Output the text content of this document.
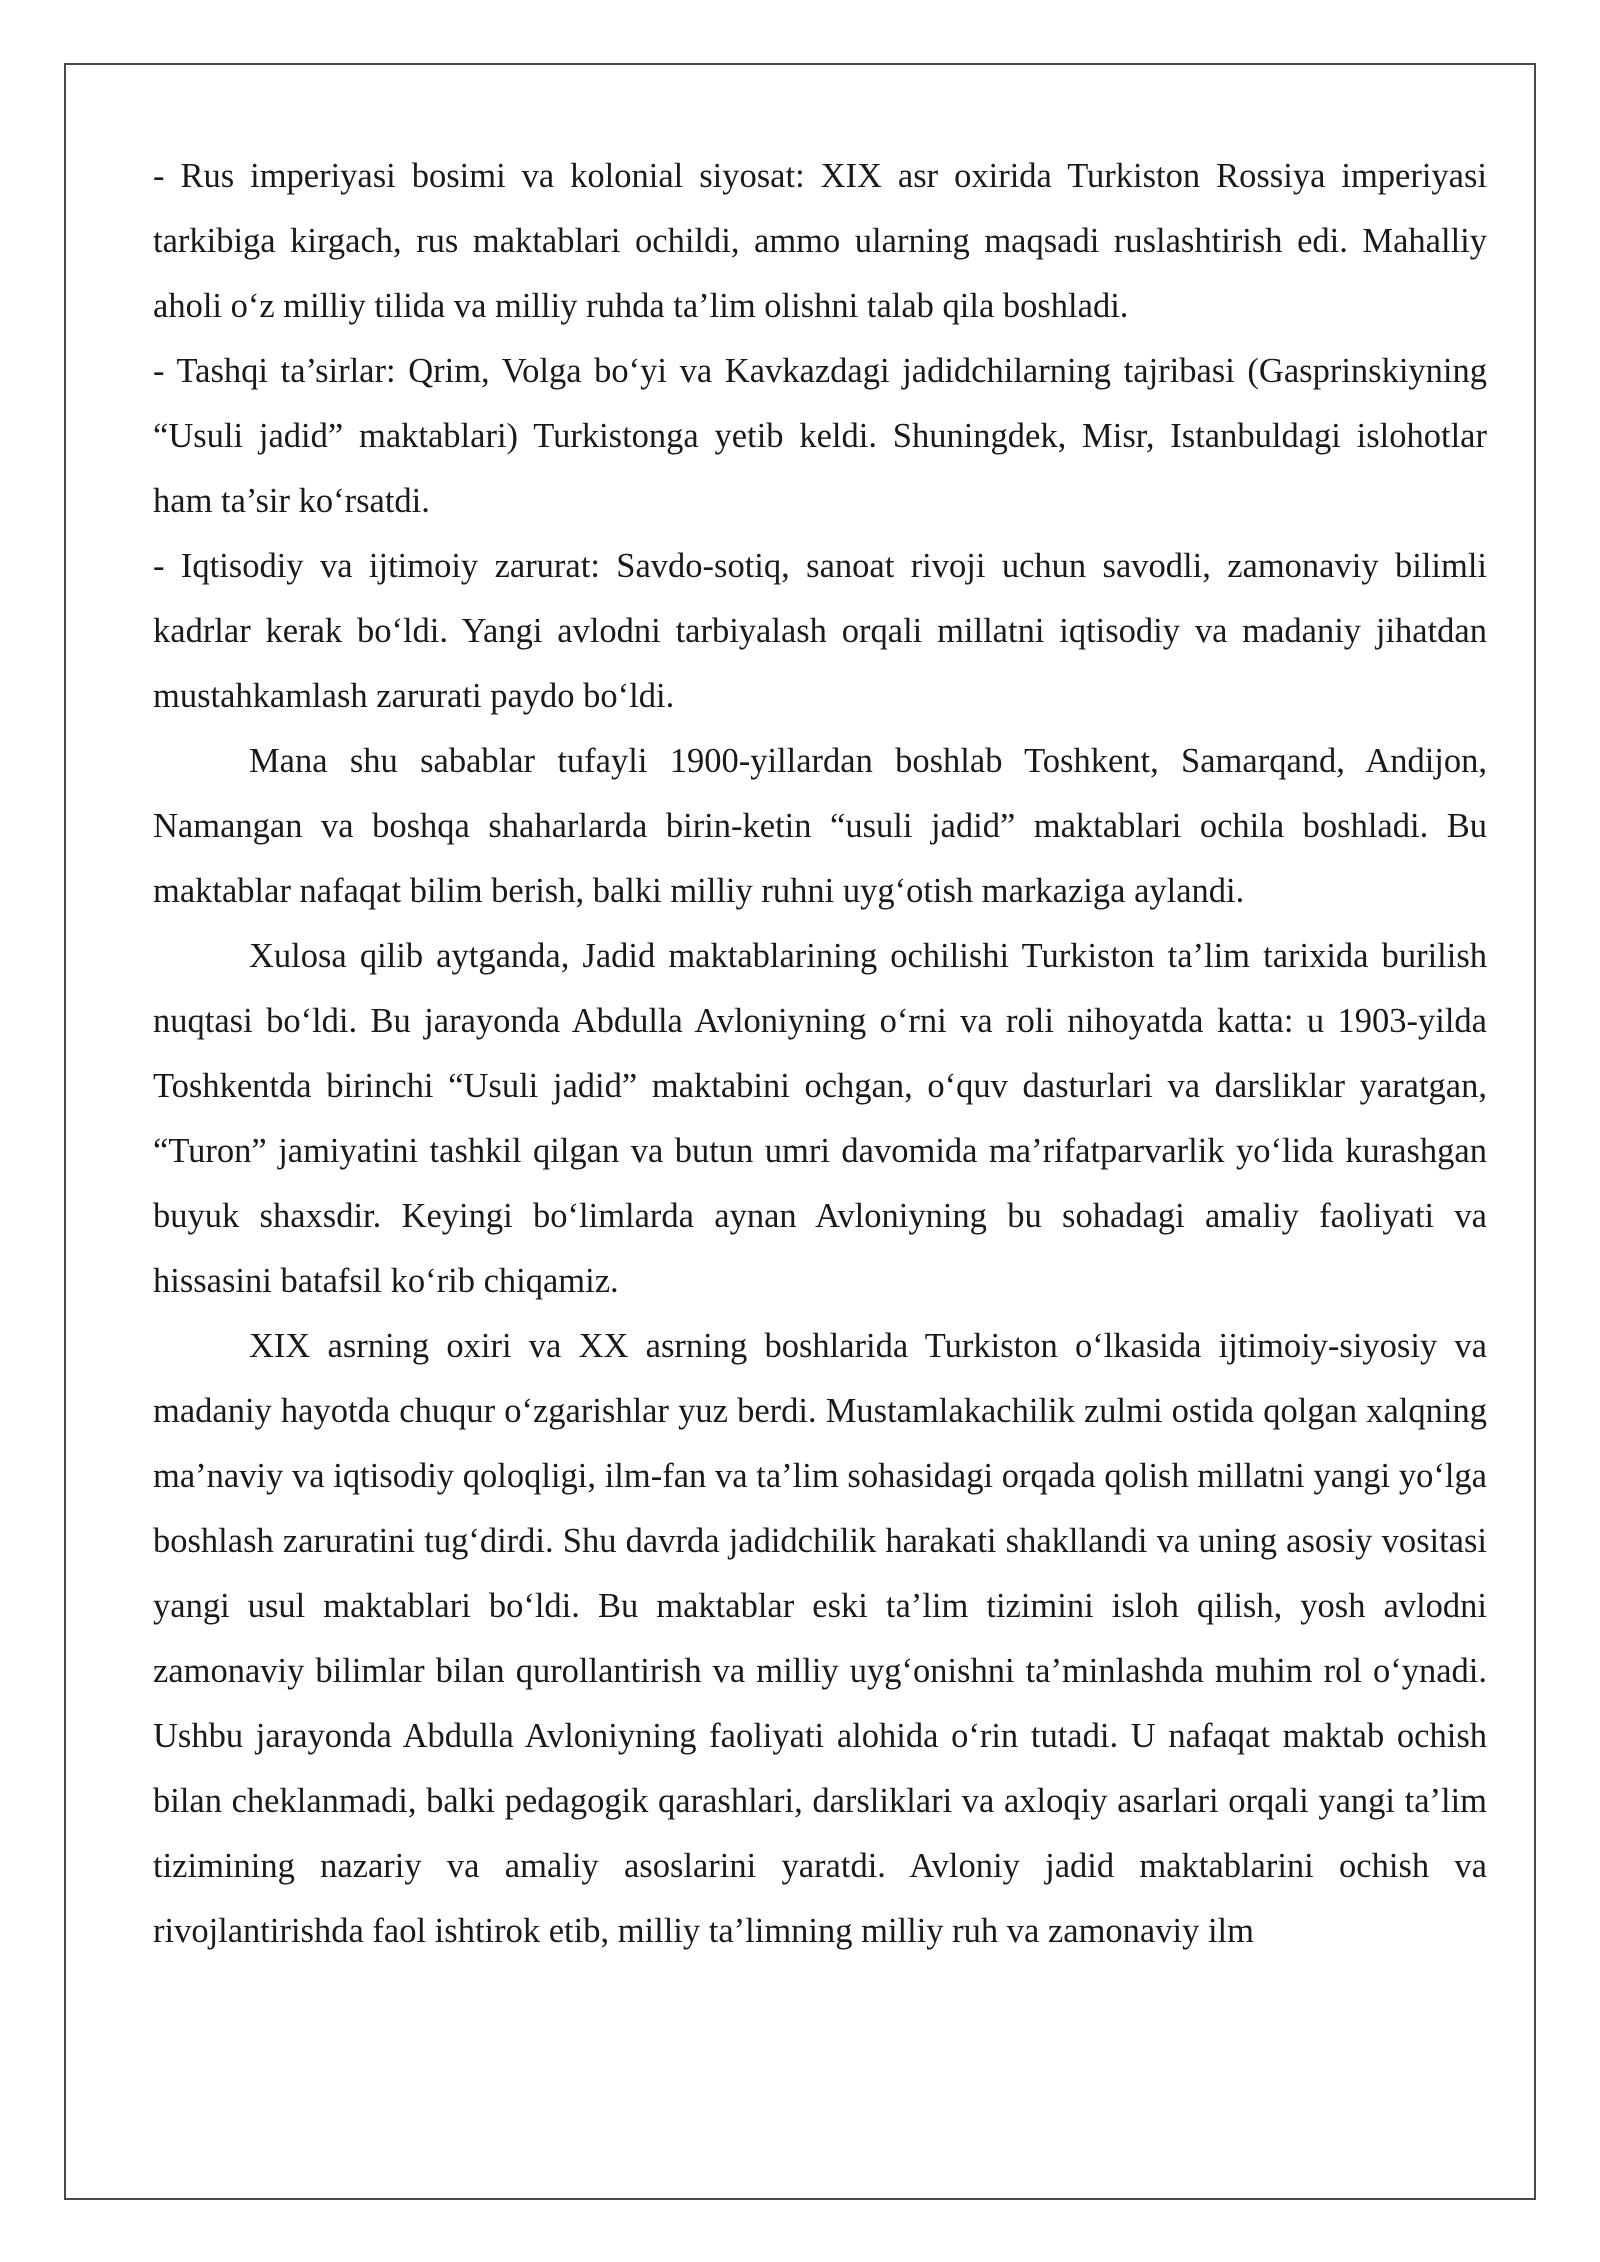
- Rus imperiyasi bosimi va kolonial siyosat: XIX asr oxirida Turkiston Rossiya imperiyasi tarkibiga kirgach, rus maktablari ochildi, ammo ularning maqsadi ruslashtirish edi. Mahalliy aholi o‘z milliy tilida va milliy ruhda ta’lim olishni talab qila boshladi.

- Tashqi ta’sirlar: Qrim, Volga bo‘yi va Kavkazdagi jadidchilarning tajribasi (Gasprinskiyning “Usuli jadid” maktablari) Turkistonga yetib keldi. Shuningdek, Misr, Istanbuldagi islohotlar ham ta’sir ko‘rsatdi.

- Iqtisodiy va ijtimoiy zarurat: Savdo-sotiq, sanoat rivoji uchun savodli, zamonaviy bilimli kadrlar kerak bo‘ldi. Yangi avlodni tarbiyalash orqali millatni iqtisodiy va madaniy jihatdan mustahkamlash zarurati paydo bo‘ldi.

Mana shu sabablar tufayli 1900-yillardan boshlab Toshkent, Samarqand, Andijon, Namangan va boshqa shaharlarda birin-ketin “usuli jadid” maktablari ochila boshladi. Bu maktablar nafaqat bilim berish, balki milliy ruhni uyg‘otish markaziga aylandi.

Xulosa qilib aytganda, Jadid maktablarining ochilishi Turkiston ta’lim tarixida burilish nuqtasi bo‘ldi. Bu jarayonda Abdulla Avloniyning o‘rni va roli nihoyatda katta: u 1903-yilda Toshkentda birinchi “Usuli jadid” maktabini ochgan, o‘quv dasturlari va darsliklar yaratgan, “Turon” jamiyatini tashkil qilgan va butun umri davomida ma’rifatparvarlik yo‘lida kurashgan buyuk shaxsdir. Keyingi bo‘limlarda aynan Avloniyning bu sohadagi amaliy faoliyati va hissasini batafsil ko‘rib chiqamiz.

XIX asrning oxiri va XX asrning boshlarida Turkiston o‘lkasida ijtimoiy-siyosiy va madaniy hayotda chuqur o‘zgarishlar yuz berdi. Mustamlakachilik zulmi ostida qolgan xalqning ma’naviy va iqtisodiy qoloqligi, ilm-fan va ta’lim sohasidagi orqada qolish millatni yangi yo‘lga boshlash zaruratini tug‘dirdi. Shu davrda jadidchilik harakati shakllandi va uning asosiy vositasi yangi usul maktablari bo‘ldi. Bu maktablar eski ta’lim tizimini isloh qilish, yosh avlodni zamonaviy bilimlar bilan qurollantirish va milliy uyg‘onishni ta’minlashda muhim rol o‘ynadi. Ushbu jarayonda Abdulla Avloniyning faoliyati alohida o‘rin tutadi. U nafaqat maktab ochish bilan cheklanmadi, balki pedagogik qarashlari, darsliklari va axloqiy asarlari orqali yangi ta’lim tizimining nazariy va amaliy asoslarini yaratdi. Avloniy jadid maktablarini ochish va rivojlantirishda faol ishtirok etib, milliy ta’limning milliy ruh va zamonaviy ilm
